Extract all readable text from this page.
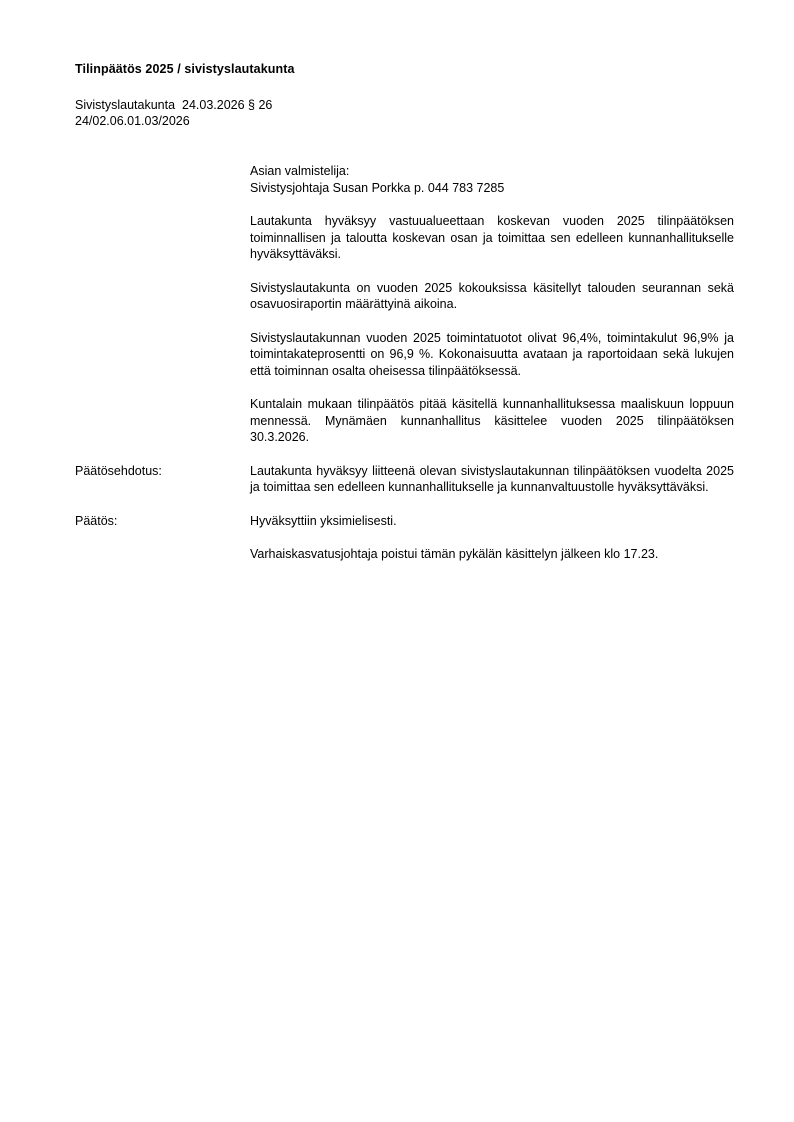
Tilinpäätös 2025 / sivistyslautakunta
Sivistyslautakunta  24.03.2026 § 26
24/02.06.01.03/2026
Asian valmistelija:
Sivistysjohtaja Susan Porkka p. 044 783 7285

Lautakunta hyväksyy vastuualueettaan koskevan vuoden 2025 tilinpäätöksen toiminnallisen ja taloutta koskevan osan ja toimittaa sen edelleen kunnanhallitukselle hyväksyttäväksi.

Sivistyslautakunta on vuoden 2025 kokouksissa käsitellyt talouden seurannan sekä osavuosiraportin määrättyinä aikoina.

Sivistyslautakunnan vuoden 2025 toimintatuotot olivat 96,4%, toimintakulut 96,9% ja toimintakateprosentti on 96,9 %. Kokonaisuutta avataan ja raportoidaan sekä lukujen että toiminnan osalta oheisessa tilinpäätöksessä.

Kuntalain mukaan tilinpäätös pitää käsitellä kunnanhallituksessa maaliskuun loppuun mennessä. Mynämäen kunnanhallitus käsittelee vuoden 2025 tilinpäätöksen 30.3.2026.

Päätösehdotus:	Lautakunta hyväksyy liitteenä olevan sivistyslautakunnan tilinpäätöksen vuodelta 2025 ja toimittaa sen edelleen kunnanhallitukselle ja kunnanvaltuustolle hyväksyttäväksi.

Päätös:	Hyväksyttiin yksimielisesti.

Varhaiskasvatusjohtaja poistui tämän pykälän käsittelyn jälkeen klo 17.23.
